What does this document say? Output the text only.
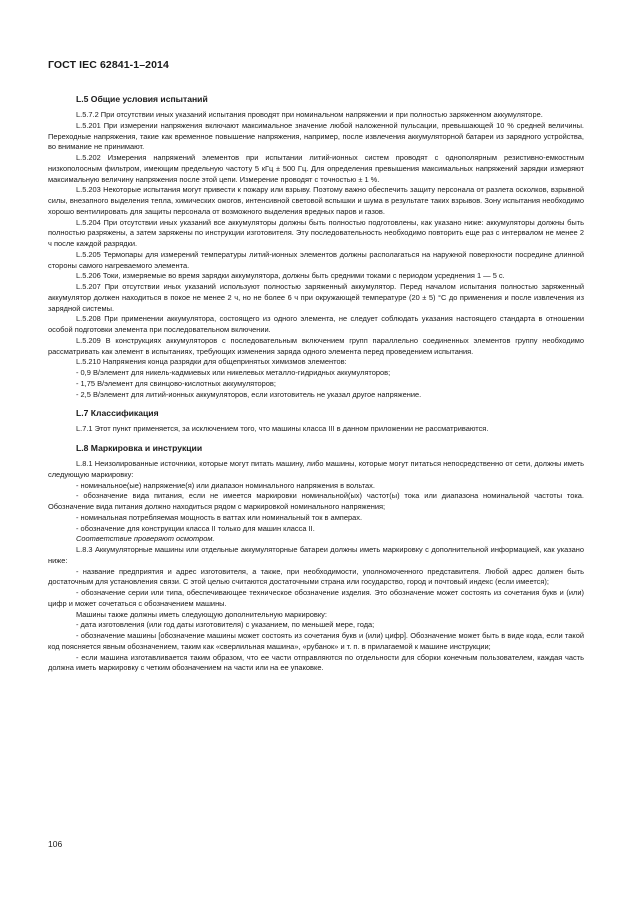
ГОСТ IEC 62841-1–2014
L.5 Общие условия испытаний

L.5.7.2 При отсутствии иных указаний испытания проводят при номинальном напряжении и при полностью заряженном аккумуляторе.

L.5.201 При измерении напряжения включают максимальное значение любой наложенной пульсации, превышающей 10 % средней величины. Переходные напряжения, такие как временное повышение напряжения, например, после извлечения аккумуляторной батареи из зарядного устройства, во внимание не принимают.

L.5.202 Измерения напряжений элементов при испытании литий-ионных систем проводят с однополярным резистивно-емкостным низкополосным фильтром, имеющим предельную частоту 5 кГц ± 500 Гц. Для определения превышения максимальных напряжений зарядки измеряют максимальную величину напряжения после этой цепи. Измерение проводят с точностью ± 1 %.

L.5.203 Некоторые испытания могут привести к пожару или взрыву. Поэтому важно обеспечить защиту персонала от разлета осколков, взрывной силы, внезапного выделения тепла, химических ожогов, интенсивной световой вспышки и шума в результате таких взрывов. Зону испытания необходимо хорошо вентилировать для защиты персонала от возможного выделения вредных паров и газов.

L.5.204 При отсутствии иных указаний все аккумуляторы должны быть полностью подготовлены, как указано ниже: аккумуляторы должны быть полностью разряжены, а затем заряжены по инструкции изготовителя. Эту последовательность необходимо повторить еще раз с интервалом не менее 2 ч после каждой разрядки.

L.5.205 Термопары для измерений температуры литий-ионных элементов должны располагаться на наружной поверхности посредине длинной стороны самого нагреваемого элемента.

L.5.206 Токи, измеряемые во время зарядки аккумулятора, должны быть средними токами с периодом усреднения 1 — 5 с.

L.5.207 При отсутствии иных указаний используют полностью заряженный аккумулятор. Перед началом испытания полностью заряженный аккумулятор должен находиться в покое не менее 2 ч, но не более 6 ч при окружающей температуре (20 ± 5) °С до применения и после извлечения из зарядной системы.

L.5.208 При применении аккумулятора, состоящего из одного элемента, не следует соблюдать указания настоящего стандарта в отношении особой подготовки элемента при последовательном включении.

L.5.209 В конструкциях аккумуляторов с последовательным включением групп параллельно соединенных элементов группу необходимо рассматривать как элемент в испытаниях, требующих изменения заряда одного элемента перед проведением испытания.

L.5.210 Напряжения конца разрядки для общепринятых химизмов элементов:

- 0,9 В/элемент для никель-кадмиевых или никелевых металло-гидридных аккумуляторов;

- 1,75 В/элемент для свинцово-кислотных аккумуляторов;

- 2,5 В/элемент для литий-ионных аккумуляторов, если изготовитель не указал другое напряжение.

L.7 Классификация

L.7.1 Этот пункт применяется, за исключением того, что машины класса III в данном приложении не рассматриваются.

L.8 Маркировка и инструкции

L.8.1 Неизолированные источники, которые могут питать машину, либо машины, которые могут питаться непосредственно от сети, должны иметь следующую маркировку:

- номинальное(ые) напряжение(я) или диапазон номинального напряжения в вольтах.

- обозначение вида питания, если не имеется маркировки номинальной(ых) частот(ы) тока или диапазона номинальной частоты тока. Обозначение вида питания должно находиться рядом с маркировкой номинального напряжения;

- номинальная потребляемая мощность в ваттах или номинальный ток в амперах.

- обозначение для конструкции класса II только для машин класса II.

Соответствие проверяют осмотром.

L.8.3 Аккумуляторные машины или отдельные аккумуляторные батареи должны иметь маркировку с дополнительной информацией, как указано ниже:

- название предприятия и адрес изготовителя, а также, при необходимости, уполномоченного представителя. Любой адрес должен быть достаточным для установления связи. С этой целью считаются достаточными страна или государство, город и почтовый индекс (если имеется);

- обозначение серии или типа, обеспечивающее техническое обозначение изделия. Это обозначение может состоять из сочетания букв и (или) цифр и может сочетаться с обозначением машины.

Машины также должны иметь следующую дополнительную маркировку:

- дата изготовления (или год даты изготовителя) с указанием, по меньшей мере, года;

- обозначение машины [обозначение машины может состоять из сочетания букв и (или) цифр]. Обозначение может быть в виде кода, если такой код поясняется явным обозначением, таким как «сверлильная машина», «рубанок» и т. п. в прилагаемой к машине инструкции;

- если машина изготавливается таким образом, что ее части отправляются по отдельности для сборки конечным пользователем, каждая часть должна иметь маркировку с четким обозначением на части или на ее упаковке.

106
